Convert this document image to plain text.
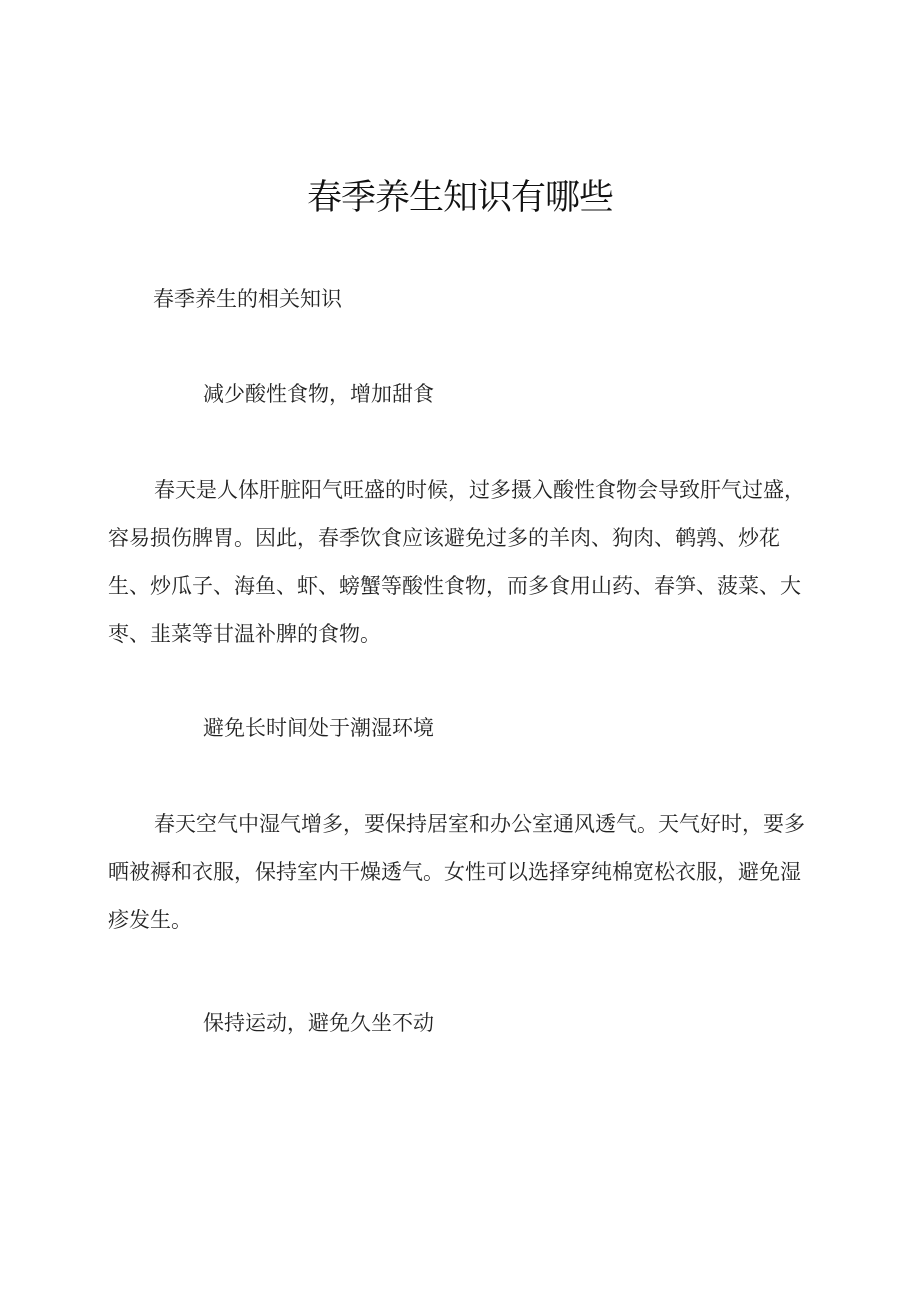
春季养生知识有哪些
春季养生的相关知识
减少酸性食物，增加甜食

春天是人体肝脏阳气旺盛的时候，过多摄入酸性食物会导致肝气过盛，容易损伤脾胃。因此，春季饮食应该避免过多的羊肉、狗肉、鹌鹑、炒花生、炒瓜子、海鱼、虾、螃蟹等酸性食物，而多食用山药、春笋、菠菜、大枣、韭菜等甘温补脾的食物。

避免长时间处于潮湿环境

春天空气中湿气增多，要保持居室和办公室通风透气。天气好时，要多晒被褥和衣服，保持室内干燥透气。女性可以选择穿纯棉宽松衣服，避免湿疹发生。

保持运动，避免久坐不动
